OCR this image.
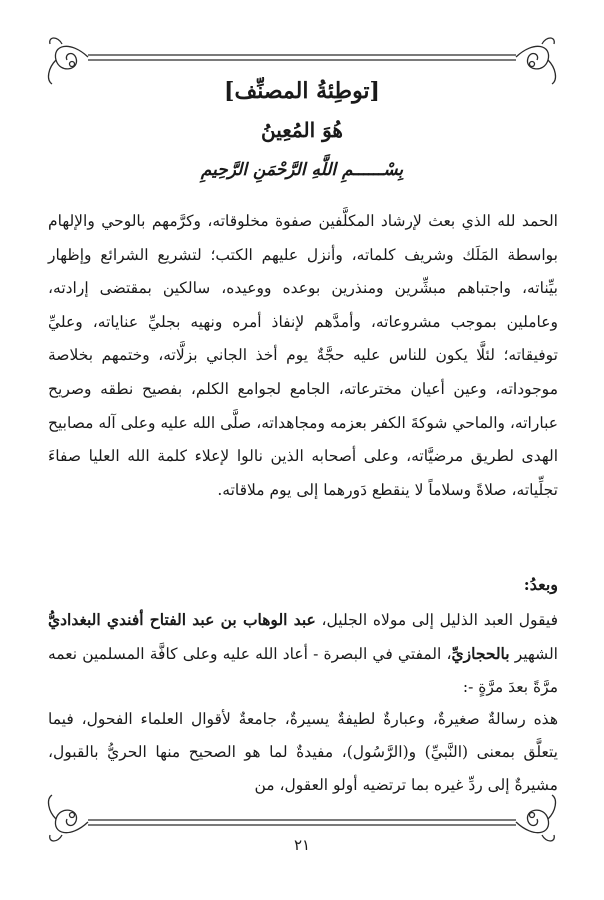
[توطِئةُ المصنِّف]
هُوَ المُعِينُ
بِسْــــــمِ اللَّهِ الرَّحْمَنِ الرَّحِيمِ
الحمد لله الذي بعث لإرشاد المكلَّفين صفوة مخلوقاته، وكرَّمهم بالوحي والإلهام بواسطة المَلَك وشريف كلماته، وأنزل عليهم الكتب؛ لتشريع الشرائع وإظهار بيِّناته، واجتباهم مبشِّرين ومنذرين بوعده ووعيده، سالكين بمقتضى إرادته، وعاملين بموجب مشروعاته، وأمدَّهم لإنفاذ أمره ونهيه بجليِّ عناياته، وعليِّ توفيقاته؛ لئلَّا يكون للناس عليه حجَّةٌ يوم أخذ الجاني بزلَّاته، وختمهم بخلاصة موجوداته، وعين أعيان مخترعاته، الجامع لجوامع الكلم، بفصيح نطقه وصريح عباراته، والماحي شوكةَ الكفر بعزمه ومجاهداته، صلَّى الله عليه وعلى آله مصابيح الهدى لطريق مرضيَّاته، وعلى أصحابه الذين نالوا لإعلاء كلمة الله العليا صفاءَ تجلِّياته، صلاةً وسلاماً لا ينقطع دَورهما إلى يوم ملاقاته.
وبعدُ:
فيقول العبد الذليل إلى مولاه الجليل، عبد الوهاب بن عبد الفتاح أفندي البغداديُّ الشهير بالحجازيِّ، المفتي في البصرة - أعاد الله عليه وعلى كافَّة المسلمين نعمه مرَّةً بعدَ مرَّةٍ -:
هذه رسالةٌ صغيرةٌ، وعبارةٌ لطيفةٌ يسيرةٌ، جامعةٌ لأقوال العلماء الفحول، فيما يتعلَّق بمعنى (النَّبيِّ) و(الرَّسُول)، مفيدةٌ لما هو الصحيح منها الحريُّ بالقبول، مشيرةٌ إلى ردِّ غيره بما ترتضيه أولو العقول، من
٢١
